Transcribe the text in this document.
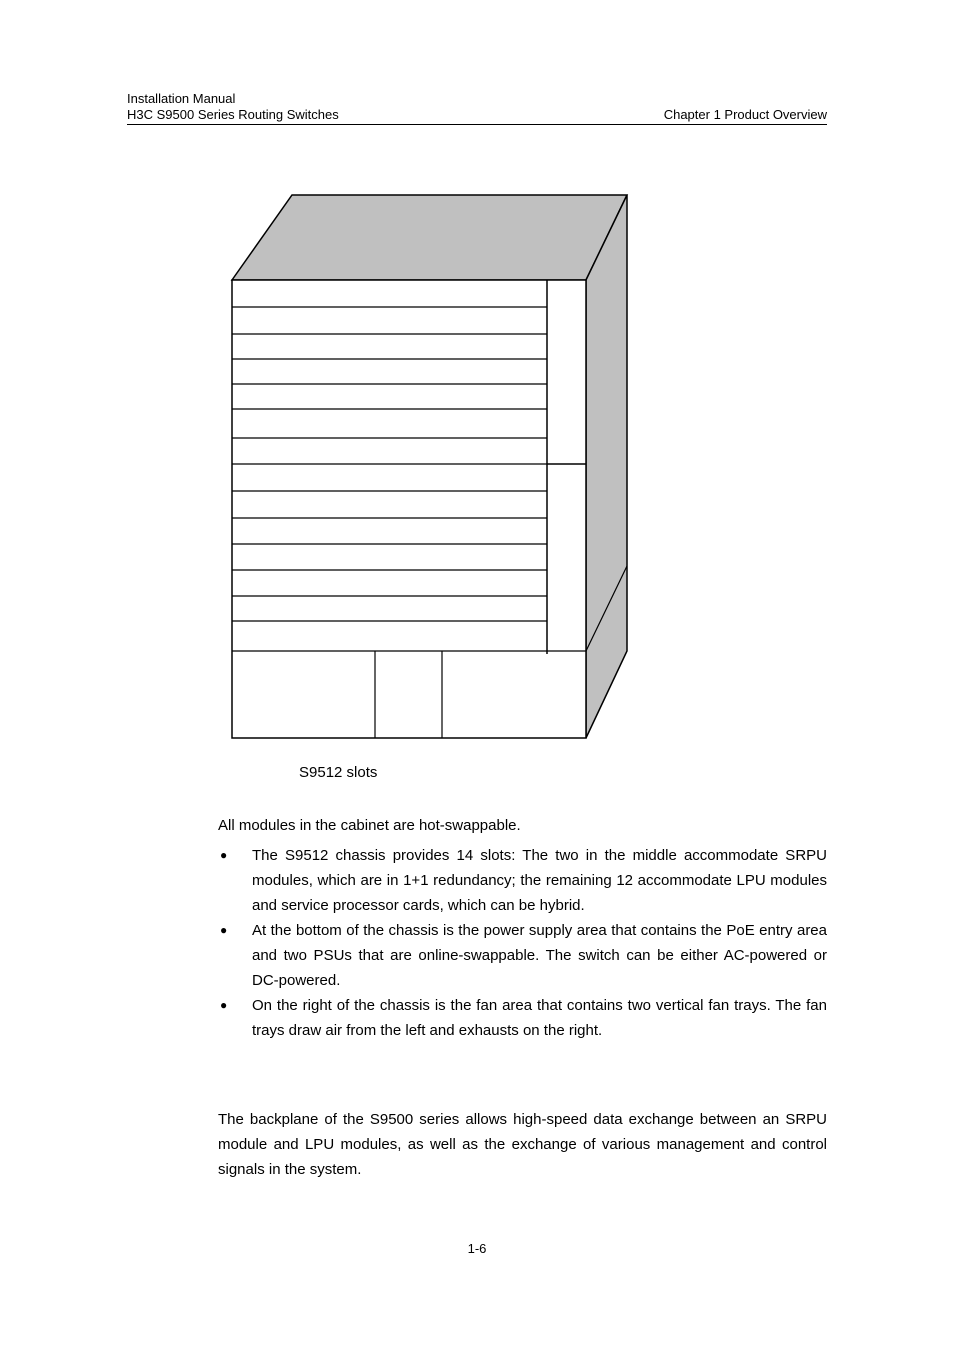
Installation Manual
H3C S9500 Series Routing Switches	Chapter 1 Product Overview
S9512 slots
All modules in the cabinet are hot-swappable.
● The S9512 chassis provides 14 slots: The two in the middle accommodate SRPU modules, which are in 1+1 redundancy; the remaining 12 accommodate LPU modules and service processor cards, which can be hybrid.
● At the bottom of the chassis is the power supply area that contains the PoE entry area and two PSUs that are online-swappable. The switch can be either AC-powered or DC-powered.
● On the right of the chassis is the fan area that contains two vertical fan trays. The fan trays draw air from the left and exhausts on the right.
The backplane of the S9500 series allows high-speed data exchange between an SRPU module and LPU modules, as well as the exchange of various management and control signals in the system.
1-6
